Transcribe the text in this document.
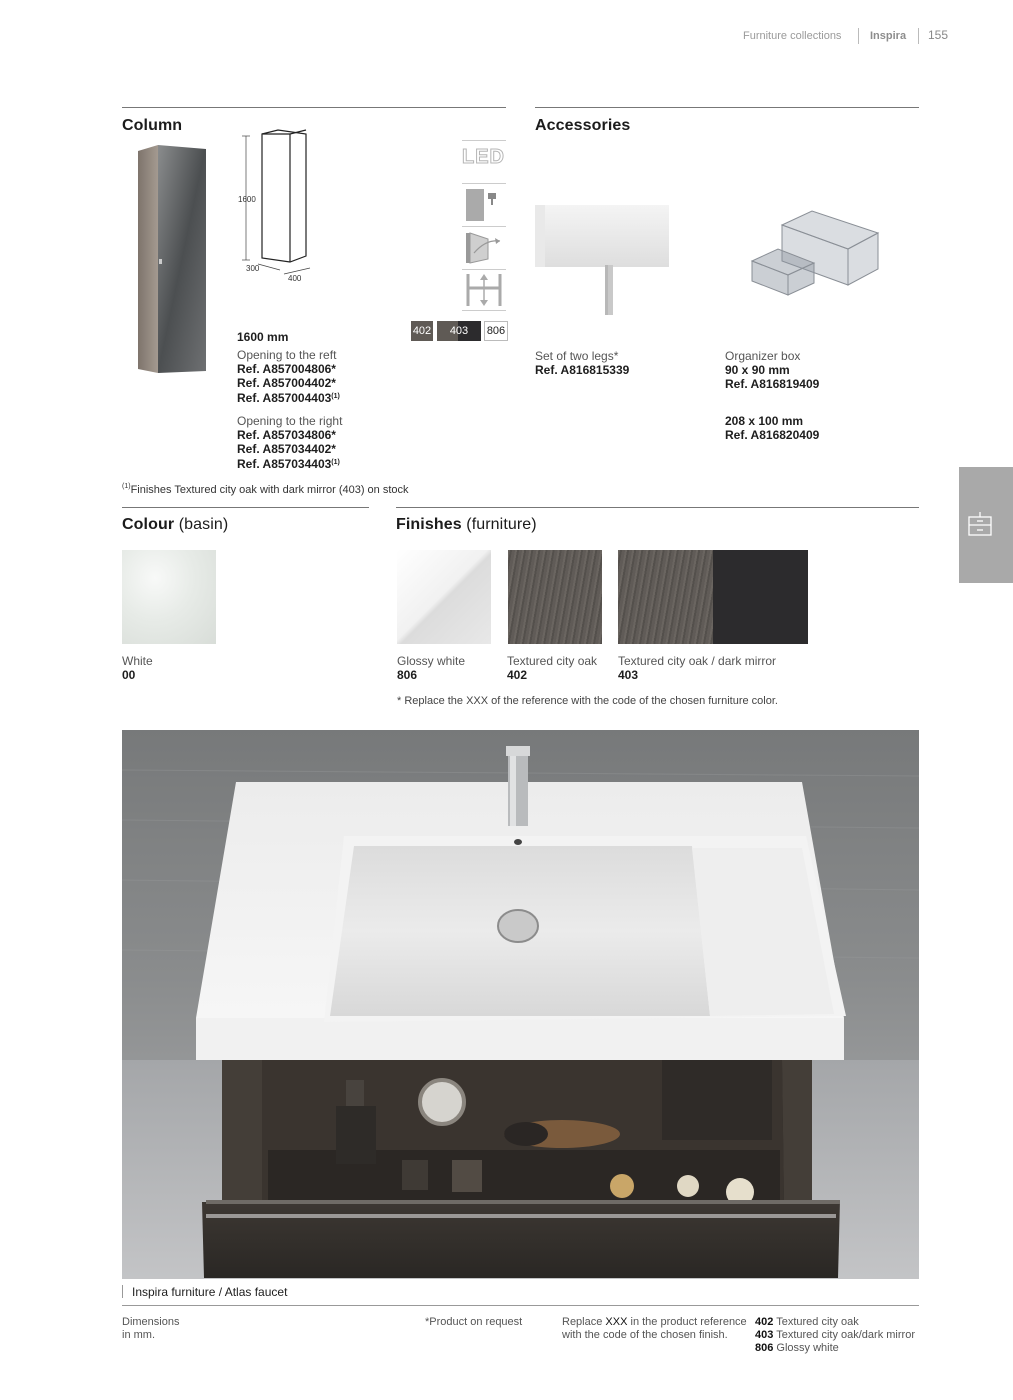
Furniture collections	Inspira 155
Column
1600
300
400
LED
402	403	806
1600 mm
Opening to the reft
Ref. A857004806*
Ref. A857004402*
Ref. A857004403$^{(1)}$
Opening to the right
Ref. A857034806*
Ref. A857034402*
Ref. A857034403$^{(1)}$
$^{(1)}$Finishes Textured city oak with dark mirror (403) on stock
Accessories
Set of two legs*
Ref. A816815339
Organizer box
90 x 90 mm
Ref. A816819409
208 x 100 mm
Ref. A816820409
Colour (basin)
White
00
Finishes (furniture)
Glossy white
806
Textured city oak
402
Textured city oak / dark mirror
403
* Replace the XXX of the reference with the code of the chosen furniture color.
Inspira furniture / Atlas faucet
Dimensions
in mm.
*Product on request	Replace XXX in the product reference
with the code of the chosen finish.
402 Textured city oak
403 Textured city oak/dark mirror
806 Glossy white
